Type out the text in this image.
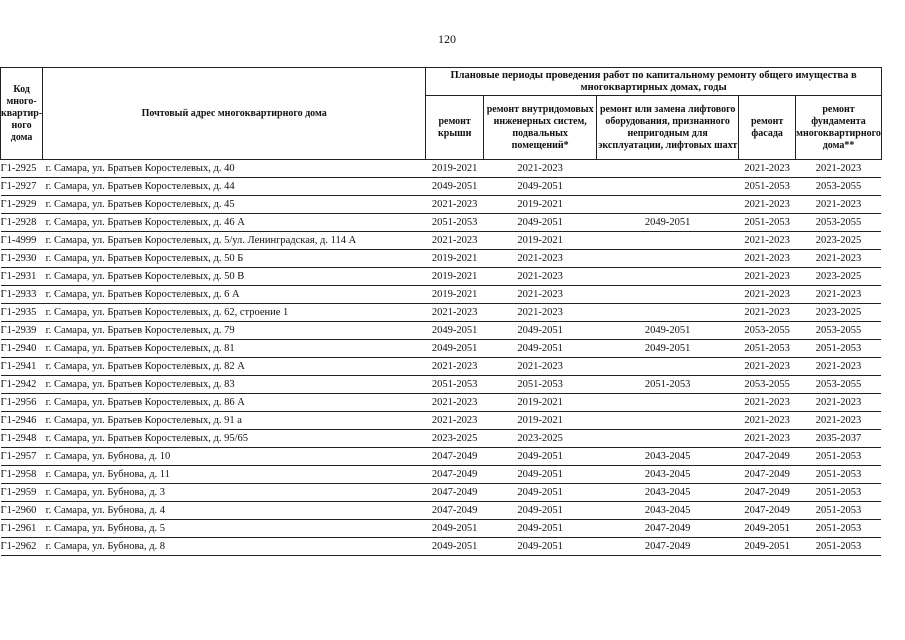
120
Код много-квартир-ного дома	Почтовый адрес многоквартирного дома	Плановые периоды проведения работ по капитальному ремонту общего имущества в многоквартирных домах, годы				
		ремонт крыши	ремонт внутридомовых инженерных систем, подвальных помещений*	ремонт или замена лифтового оборудования, признанного непригодным для эксплуатации, лифтовых шахт	ремонт фасада	ремонт фундамента многоквартирного дома**
Г1-2925	г. Самара, ул. Братьев Коростелевых, д. 40	2019-2021	2021-2023		2021-2023	2021-2023
Г1-2927	г. Самара, ул. Братьев Коростелевых, д. 44	2049-2051	2049-2051		2051-2053	2053-2055
Г1-2929	г. Самара, ул. Братьев Коростелевых, д. 45	2021-2023	2019-2021		2021-2023	2021-2023
Г1-2928	г. Самара, ул. Братьев Коростелевых, д. 46 А	2051-2053	2049-2051	2049-2051	2051-2053	2053-2055
Г1-4999	г. Самара, ул. Братьев Коростелевых, д. 5/ул. Ленинградская, д. 114 А	2021-2023	2019-2021		2021-2023	2023-2025
Г1-2930	г. Самара, ул. Братьев Коростелевых, д. 50 Б	2019-2021	2021-2023		2021-2023	2021-2023
Г1-2931	г. Самара, ул. Братьев Коростелевых, д. 50 В	2019-2021	2021-2023		2021-2023	2023-2025
Г1-2933	г. Самара, ул. Братьев Коростелевых, д. 6 А	2019-2021	2021-2023		2021-2023	2021-2023
Г1-2935	г. Самара, ул. Братьев Коростелевых, д. 62, строение 1	2021-2023	2021-2023		2021-2023	2023-2025
Г1-2939	г. Самара, ул. Братьев Коростелевых, д. 79	2049-2051	2049-2051	2049-2051	2053-2055	2053-2055
Г1-2940	г. Самара, ул. Братьев Коростелевых, д. 81	2049-2051	2049-2051	2049-2051	2051-2053	2051-2053
Г1-2941	г. Самара, ул. Братьев Коростелевых, д. 82 А	2021-2023	2021-2023		2021-2023	2021-2023
Г1-2942	г. Самара, ул. Братьев Коростелевых, д. 83	2051-2053	2051-2053	2051-2053	2053-2055	2053-2055
Г1-2956	г. Самара, ул. Братьев Коростелевых, д. 86 А	2021-2023	2019-2021		2021-2023	2021-2023
Г1-2946	г. Самара, ул. Братьев Коростелевых, д. 91 а	2021-2023	2019-2021		2021-2023	2021-2023
Г1-2948	г. Самара, ул. Братьев Коростелевых, д. 95/65	2023-2025	2023-2025		2021-2023	2035-2037
Г1-2957	г. Самара, ул. Бубнова, д. 10	2047-2049	2049-2051	2043-2045	2047-2049	2051-2053
Г1-2958	г. Самара, ул. Бубнова, д. 11	2047-2049	2049-2051	2043-2045	2047-2049	2051-2053
Г1-2959	г. Самара, ул. Бубнова, д. 3	2047-2049	2049-2051	2043-2045	2047-2049	2051-2053
Г1-2960	г. Самара, ул. Бубнова, д. 4	2047-2049	2049-2051	2043-2045	2047-2049	2051-2053
Г1-2961	г. Самара, ул. Бубнова, д. 5	2049-2051	2049-2051	2047-2049	2049-2051	2051-2053
Г1-2962	г. Самара, ул. Бубнова, д. 8	2049-2051	2049-2051	2047-2049	2049-2051	2051-2053
